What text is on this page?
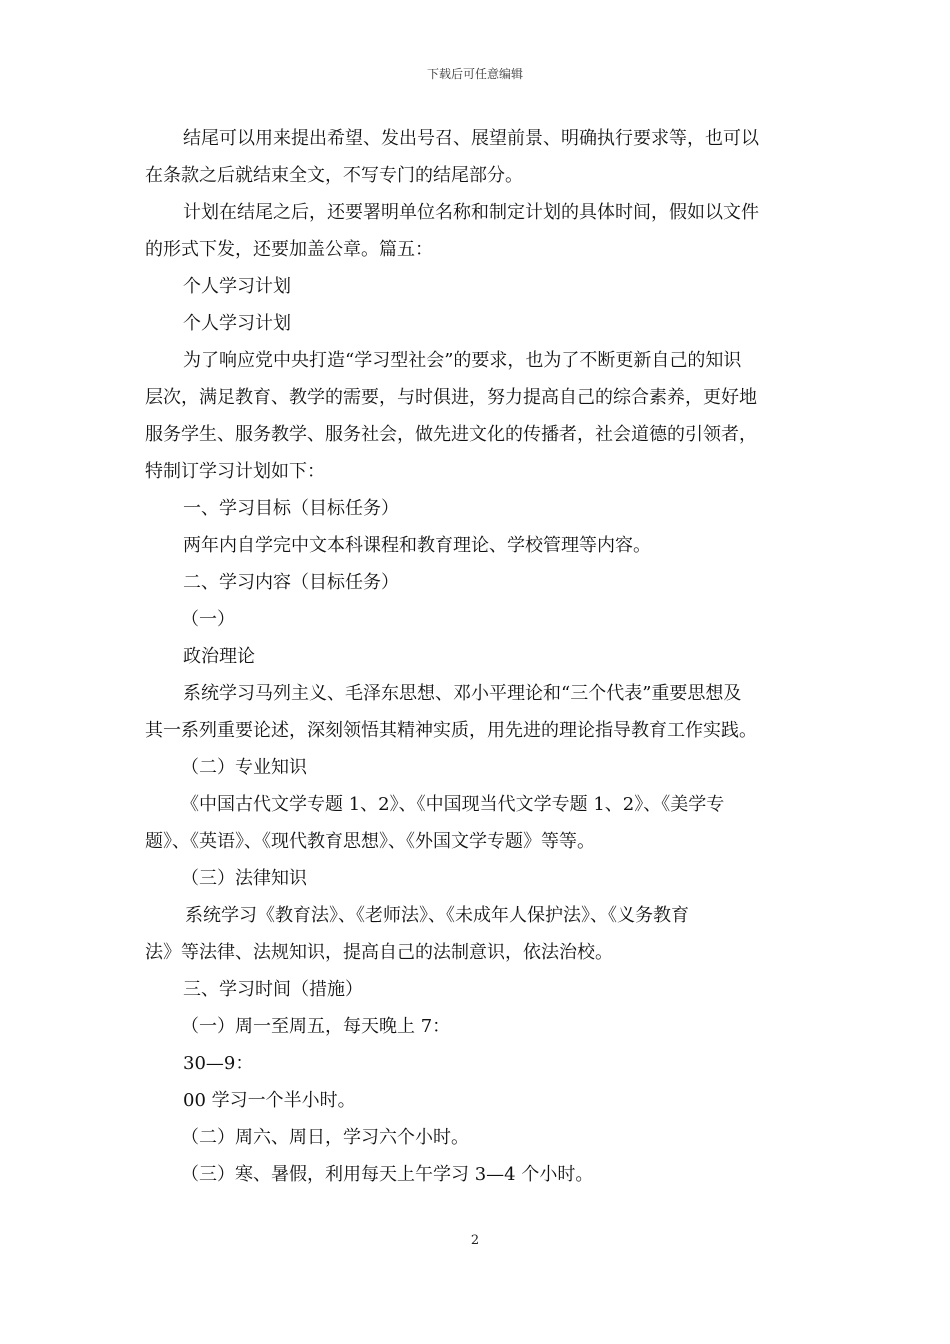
下载后可任意编辑
结尾可以用来提出希望、发出号召、展望前景、明确执行要求等，也可以
在条款之后就结束全文，不写专门的结尾部分。
计划在结尾之后，还要署明单位名称和制定计划的具体时间，假如以文件
的形式下发，还要加盖公章。篇五：
个人学习计划
个人学习计划
为了响应党中央打造“学习型社会”的要求，也为了不断更新自己的知识
层次，满足教育、教学的需要，与时俱进，努力提高自己的综合素养，更好地
服务学生、服务教学、服务社会，做先进文化的传播者，社会道德的引领者，
特制订学习计划如下：
一、学习目标（目标任务）
两年内自学完中文本科课程和教育理论、学校管理等内容。
二、学习内容（目标任务）
（一）
政治理论
系统学习马列主义、毛泽东思想、邓小平理论和“三个代表”重要思想及
其一系列重要论述，深刻领悟其精神实质，用先进的理论指导教育工作实践。
（二）专业知识
《中国古代文学专题 1、2》、《中国现当代文学专题 1、2》、《美学专
题》、《英语》、《现代教育思想》、《外国文学专题》等等。
（三）法律知识
系统学习《教育法》、《老师法》、《未成年人保护法》、《义务教育
法》等法律、法规知识，提高自己的法制意识，依法治校。
三、学习时间（措施）
（一）周一至周五，每天晚上 7：
30—9：
00 学习一个半小时。
（二）周六、周日，学习六个小时。
（三）寒、暑假，利用每天上午学习 3—4 个小时。
2
